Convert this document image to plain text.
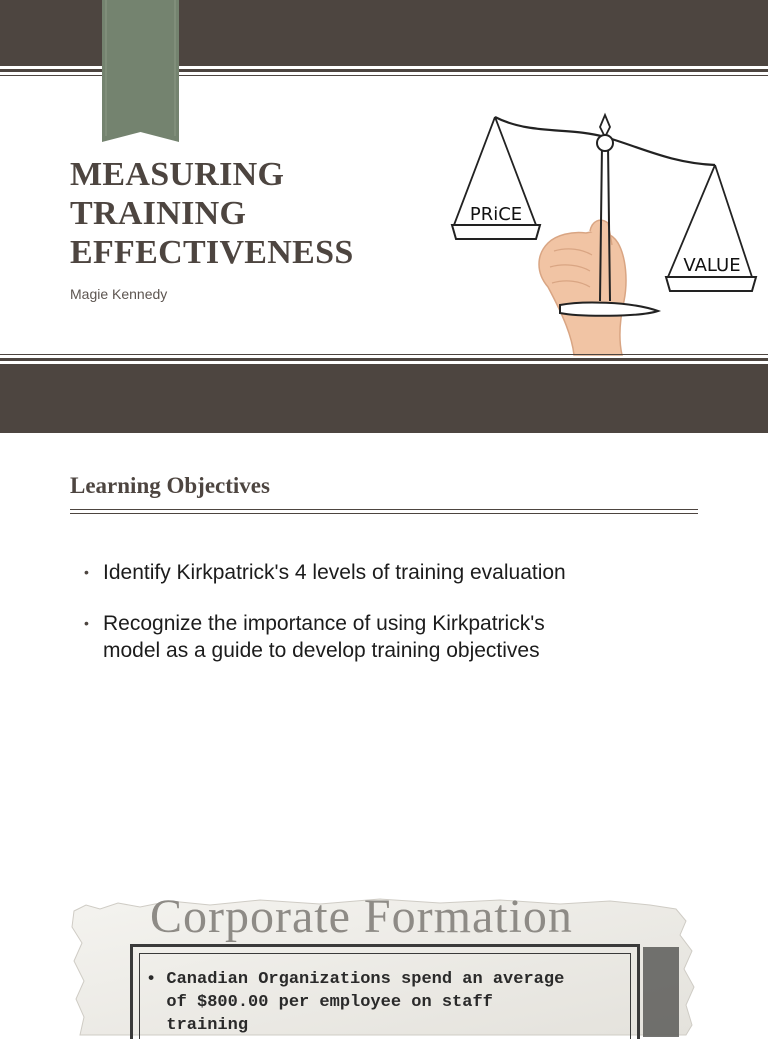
MEASURING
TRAINING
EFFECTIVENESS
Magie Kennedy
PRiCE
VALUE
Learning Objectives
• Identify Kirkpatrick's 4 levels of training evaluation
• Recognize the importance of using Kirkpatrick's
model as a guide to develop training objectives
Corporate Formation
• Canadian Organizations spend an average
of $800.00 per employee on staff
training
